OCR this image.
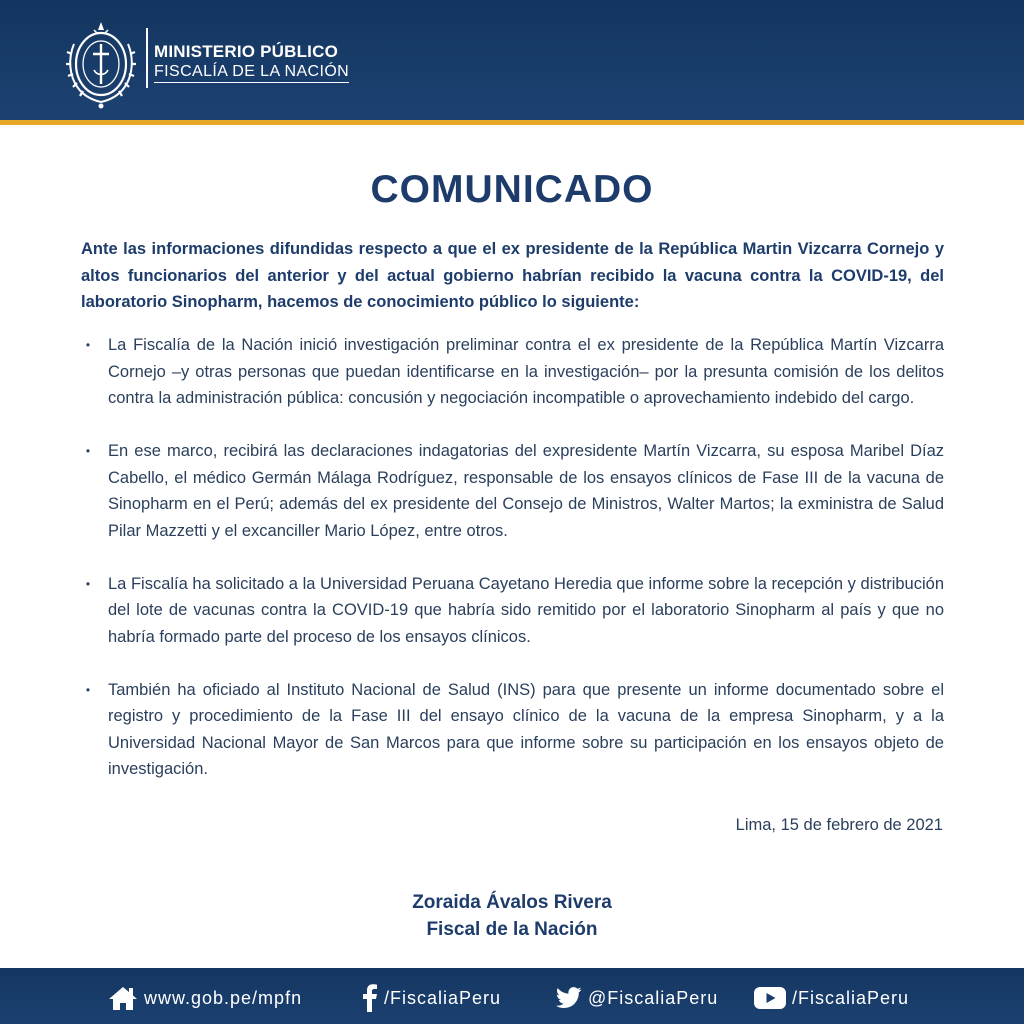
MINISTERIO PÚBLICO
FISCALÍA DE LA NACIÓN
COMUNICADO
Ante las informaciones difundidas respecto a que el ex presidente de la República Martin Vizcarra Cornejo y altos funcionarios del anterior y del actual gobierno habrían recibido la vacuna contra la COVID-19, del laboratorio Sinopharm, hacemos de conocimiento público lo siguiente:
• La Fiscalía de la Nación inició investigación preliminar contra el ex presidente de la República Martín Vizcarra Cornejo –y otras personas que puedan identificarse en la investigación– por la presunta comisión de los delitos contra la administración pública: concusión y negociación incompatible o aprovechamiento indebido del cargo.
• En ese marco, recibirá las declaraciones indagatorias del expresidente Martín Vizcarra, su esposa Maribel Díaz Cabello, el médico Germán Málaga Rodríguez, responsable de los ensayos clínicos de Fase III de la vacuna de Sinopharm en el Perú; además del ex presidente del Consejo de Ministros, Walter Martos; la exministra de Salud Pilar Mazzetti y el excanciller Mario López, entre otros.
• La Fiscalía ha solicitado a la Universidad Peruana Cayetano Heredia que informe sobre la recepción y distribución del lote de vacunas contra la COVID-19 que habría sido remitido por el laboratorio Sinopharm al país y que no habría formado parte del proceso de los ensayos clínicos.
• También ha oficiado al Instituto Nacional de Salud (INS) para que presente un informe documentado sobre el registro y procedimiento de la Fase III del ensayo clínico de la vacuna de la empresa Sinopharm, y a la Universidad Nacional Mayor de San Marcos para que informe sobre su participación en los ensayos objeto de investigación.
Lima, 15 de febrero de 2021
Zoraida Ávalos Rivera
Fiscal de la Nación
www.gob.pe/mpfn	/FiscaliaPeru	@FiscaliaPeru	/FiscaliaPeru
